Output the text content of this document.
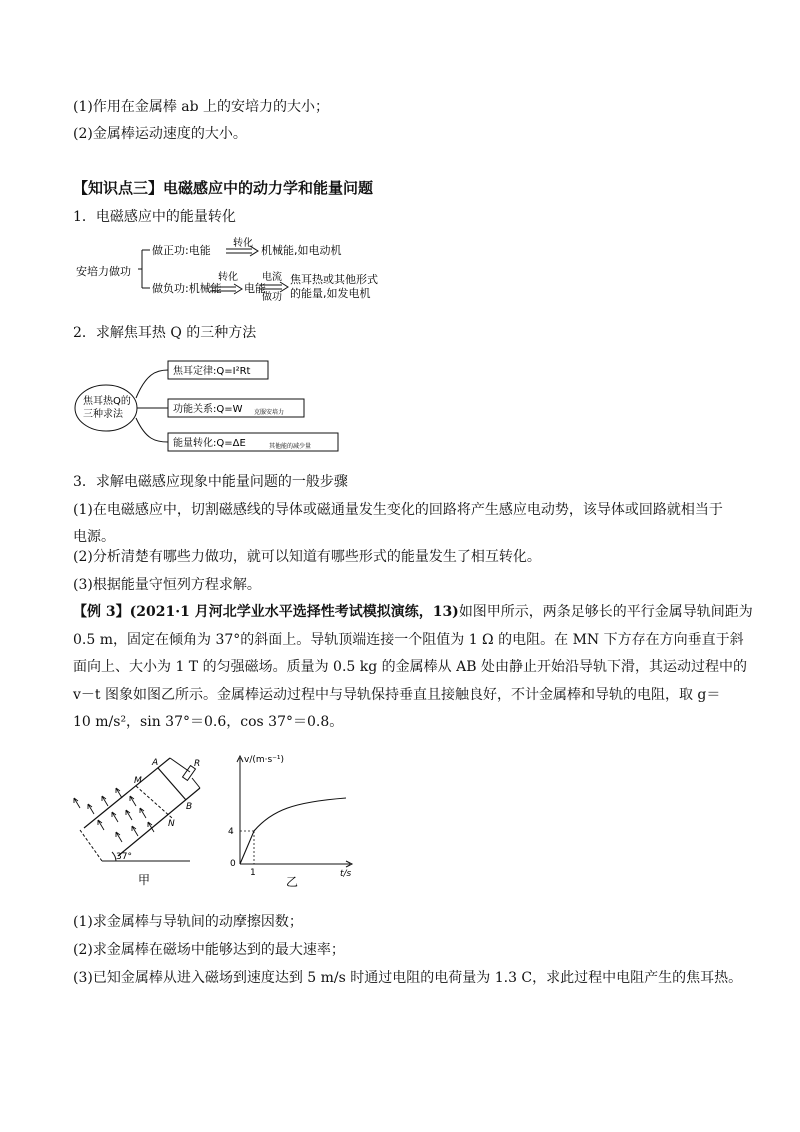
(1)作用在金属棒 ab 上的安培力的大小；
(2)金属棒运动速度的大小。
【知识点三】电磁感应中的动力学和能量问题
1．电磁感应中的能量转化
安培力做功
做正功:电能
转化
机械能,如电动机
做负功:机械能
转化
电能
电流
做功
焦耳热或其他形式
的能量,如发电机
2．求解焦耳热 Q 的三种方法
焦耳热Q的
三种求法
焦耳定律:Q=I²Rt
功能关系:Q=W 克服安培力
能量转化:Q=ΔE	其他能的减少量
3．求解电磁感应现象中能量问题的一般步骤
(1)在电磁感应中，切割磁感线的导体或磁通量发生变化的回路将产生感应电动势，该导体或回路就相当于
电源。
(2)分析清楚有哪些力做功，就可以知道有哪些形式的能量发生了相互转化。
(3)根据能量守恒列方程求解。
【例 3】(2021·1 月河北学业水平选择性考试模拟演练，13)如图甲所示，两条足够长的平行金属导轨间距为
0.5 m，固定在倾角为 37°的斜面上。导轨顶端连接一个阻值为 1 Ω 的电阻。在 MN 下方存在方向垂直于斜
面向上、大小为 1 T 的匀强磁场。质量为 0.5 kg 的金属棒从 AB 处由静止开始沿导轨下滑，其运动过程中的
v－t 图象如图乙所示。金属棒运动过程中与导轨保持垂直且接触良好，不计金属棒和导轨的电阻，取 g＝
10 m/s²，sin 37°＝0.6，cos 37°＝0.8。
37°
R
A
B
M
N
甲
v/(m·s⁻¹)
t/s
4
1
0
乙
(1)求金属棒与导轨间的动摩擦因数；
(2)求金属棒在磁场中能够达到的最大速率；
(3)已知金属棒从进入磁场到速度达到 5 m/s 时通过电阻的电荷量为 1.3 C，求此过程中电阻产生的焦耳热。
